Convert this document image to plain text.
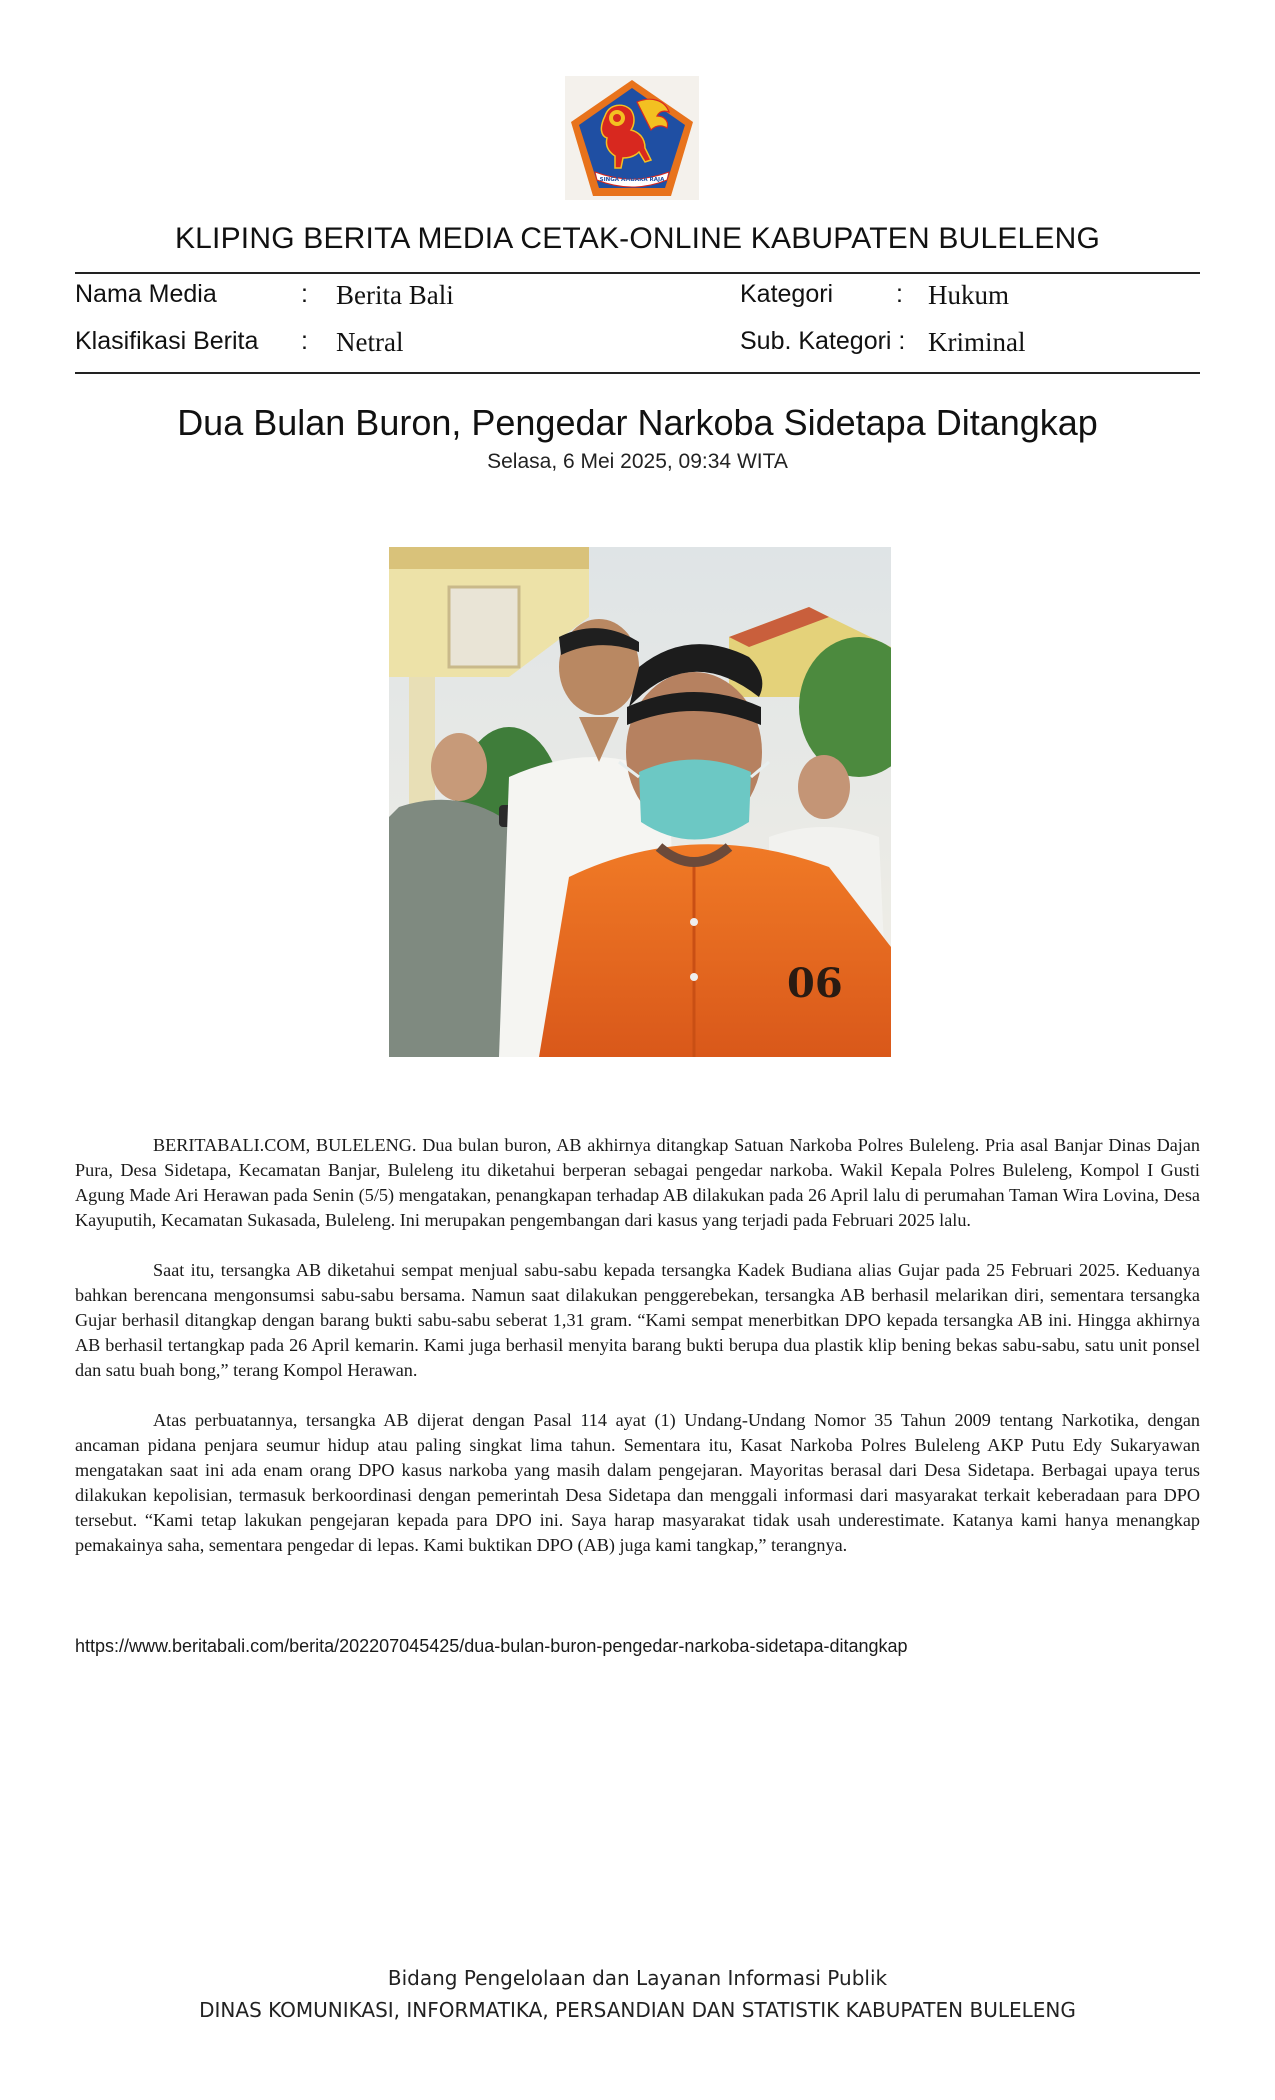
SINGA AMBARA RAJA
KLIPING BERITA MEDIA CETAK-ONLINE KABUPATEN BULELENG
Nama Media	: Berita Bali	Kategori	: Hukum
Klasifikasi Berita : Netral	Sub. Kategori : Kriminal
Dua Bulan Buron, Pengedar Narkoba Sidetapa Ditangkap
Selasa, 6 Mei 2025, 09:34 WITA
06

BERITABALI.COM, BULELENG. Dua bulan buron, AB akhirnya ditangkap Satuan Narkoba Polres Buleleng. Pria asal Banjar Dinas Dajan Pura, Desa Sidetapa, Kecamatan Banjar, Buleleng itu diketahui berperan sebagai pengedar narkoba. Wakil Kepala Polres Buleleng, Kompol I Gusti Agung Made Ari Herawan pada Senin (5/5) mengatakan, penangkapan terhadap AB dilakukan pada 26 April lalu di perumahan Taman Wira Lovina, Desa Kayuputih, Kecamatan Sukasada, Buleleng. Ini merupakan pengembangan dari kasus yang terjadi pada Februari 2025 lalu.

Saat itu, tersangka AB diketahui sempat menjual sabu-sabu kepada tersangka Kadek Budiana alias Gujar pada 25 Februari 2025. Keduanya bahkan berencana mengonsumsi sabu-sabu bersama. Namun saat dilakukan penggerebekan, tersangka AB berhasil melarikan diri, sementara tersangka Gujar berhasil ditangkap dengan barang bukti sabu-sabu seberat 1,31 gram. “Kami sempat menerbitkan DPO kepada tersangka AB ini. Hingga akhirnya AB berhasil tertangkap pada 26 April kemarin. Kami juga berhasil menyita barang bukti berupa dua plastik klip bening bekas sabu-sabu, satu unit ponsel dan satu buah bong,” terang Kompol Herawan.

Atas perbuatannya, tersangka AB dijerat dengan Pasal 114 ayat (1) Undang-Undang Nomor 35 Tahun 2009 tentang Narkotika, dengan ancaman pidana penjara seumur hidup atau paling singkat lima tahun. Sementara itu, Kasat Narkoba Polres Buleleng AKP Putu Edy Sukaryawan mengatakan saat ini ada enam orang DPO kasus narkoba yang masih dalam pengejaran. Mayoritas berasal dari Desa Sidetapa. Berbagai upaya terus dilakukan kepolisian, termasuk berkoordinasi dengan pemerintah Desa Sidetapa dan menggali informasi dari masyarakat terkait keberadaan para DPO tersebut. “Kami tetap lakukan pengejaran kepada para DPO ini. Saya harap masyarakat tidak usah underestimate. Katanya kami hanya menangkap pemakainya saha, sementara pengedar di lepas. Kami buktikan DPO (AB) juga kami tangkap,” terangnya.

https://www.beritabali.com/berita/202207045425/dua-bulan-buron-pengedar-narkoba-sidetapa-ditangkap
Bidang Pengelolaan dan Layanan Informasi Publik
DINAS KOMUNIKASI, INFORMATIKA, PERSANDIAN DAN STATISTIK KABUPATEN BULELENG
